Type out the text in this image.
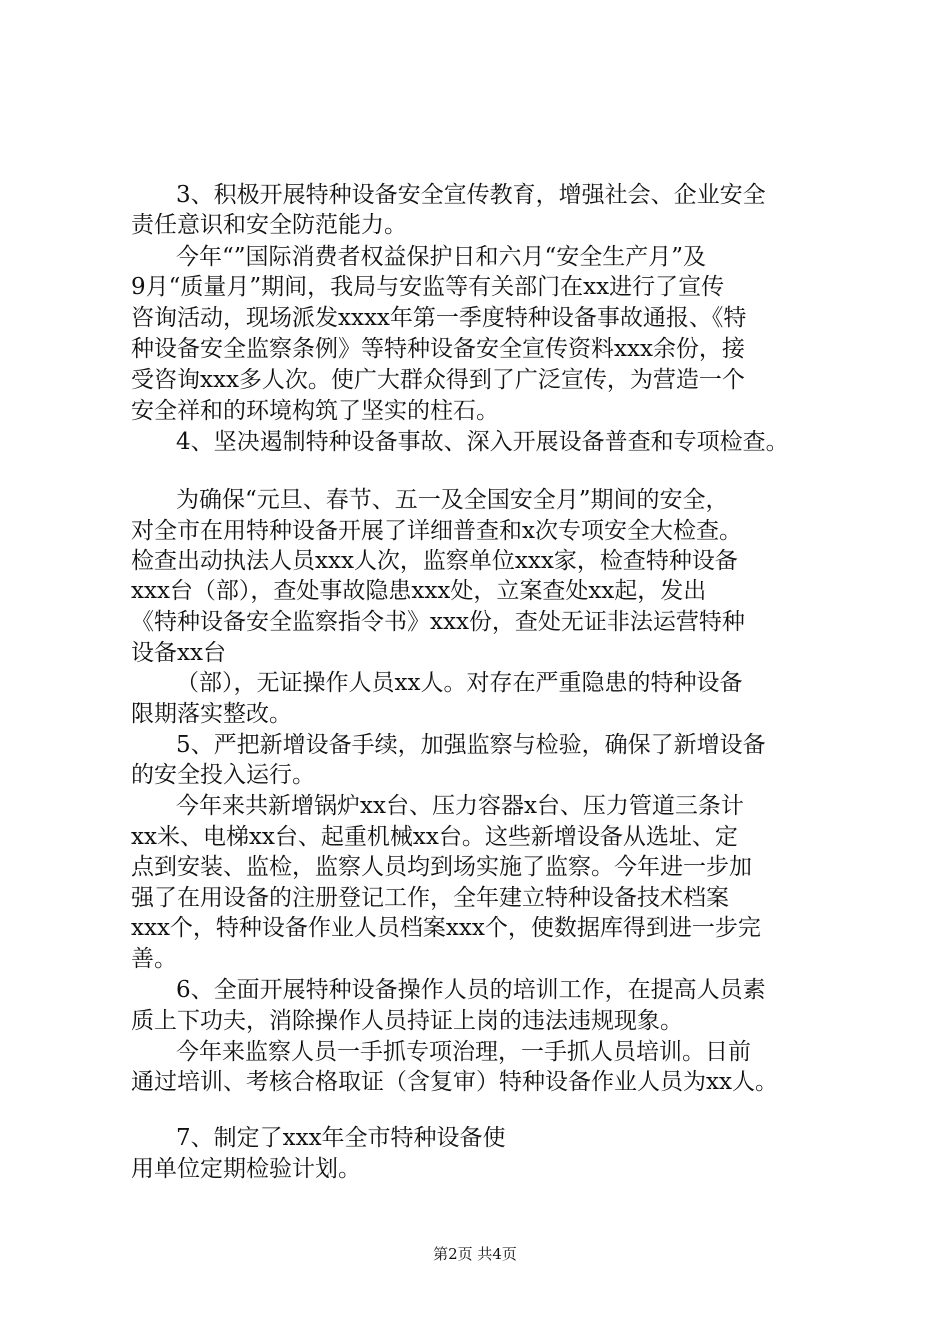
3、积极开展特种设备安全宣传教育，增强社会、企业安全
责任意识和安全防范能力。
今年“”国际消费者权益保护日和六月“安全生产月”及
9月“质量月”期间，我局与安监等有关部门在xx进行了宣传
咨询活动，现场派发xxxx年第一季度特种设备事故通报、《特
种设备安全监察条例》等特种设备安全宣传资料xxx余份，接
受咨询xxx多人次。使广大群众得到了广泛宣传，为营造一个
安全祥和的环境构筑了坚实的柱石。
4、坚决遏制特种设备事故、深入开展设备普查和专项检查。
为确保“元旦、春节、五一及全国安全月”期间的安全，
对全市在用特种设备开展了详细普查和x次专项安全大检查。
检查出动执法人员xxx人次，监察单位xxx家，检查特种设备
xxx台（部），查处事故隐患xxx处，立案查处xx起，发出
《特种设备安全监察指令书》xxx份，查处无证非法运营特种
设备xx台
（部），无证操作人员xx人。对存在严重隐患的特种设备
限期落实整改。
5、严把新增设备手续，加强监察与检验，确保了新增设备
的安全投入运行。
今年来共新增锅炉xx台、压力容器x台、压力管道三条计
xx米、电梯xx台、起重机械xx台。这些新增设备从选址、定
点到安装、监检，监察人员均到场实施了监察。今年进一步加
强了在用设备的注册登记工作，全年建立特种设备技术档案
xxx个，特种设备作业人员档案xxx个，使数据库得到进一步完
善。
6、全面开展特种设备操作人员的培训工作，在提高人员素
质上下功夫，消除操作人员持证上岗的违法违规现象。
今年来监察人员一手抓专项治理，一手抓人员培训。日前
通过培训、考核合格取证（含复审）特种设备作业人员为xx人。
7、制定了xxx年全市特种设备使
用单位定期检验计划。
第2页 共4页
